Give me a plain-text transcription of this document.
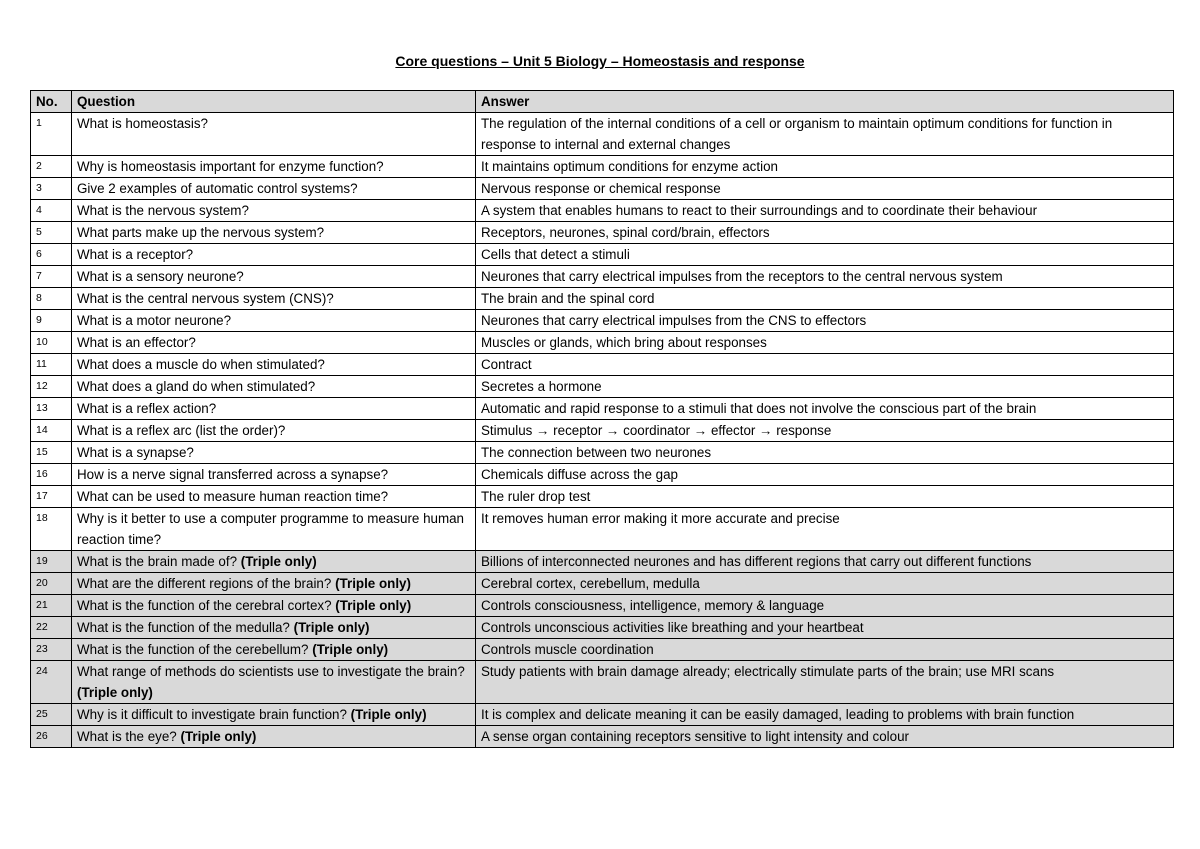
Core questions – Unit 5 Biology – Homeostasis and response
No.	Question	Answer
1	What is homeostasis?	The regulation of the internal conditions of a cell or organism to maintain optimum conditions for function in response to internal and external changes
2	Why is homeostasis important for enzyme function?	It maintains optimum conditions for enzyme action
3	Give 2 examples of automatic control systems?	Nervous response or chemical response
4	What is the nervous system?	A system that enables humans to react to their surroundings and to coordinate their behaviour
5	What parts make up the nervous system?	Receptors, neurones, spinal cord/brain, effectors
6	What is a receptor?	Cells that detect a stimuli
7	What is a sensory neurone?	Neurones that carry electrical impulses from the receptors to the central nervous system
8	What is the central nervous system (CNS)?	The brain and the spinal cord
9	What is a motor neurone?	Neurones that carry electrical impulses from the CNS to effectors
10	What is an effector?	Muscles or glands, which bring about responses
11	What does a muscle do when stimulated?	Contract
12	What does a gland do when stimulated?	Secretes a hormone
13	What is a reflex action?	Automatic and rapid response to a stimuli that does not involve the conscious part of the brain
14	What is a reflex arc (list the order)?	Stimulus → receptor → coordinator → effector → response
15	What is a synapse?	The connection between two neurones
16	How is a nerve signal transferred across a synapse?	Chemicals diffuse across the gap
17	What can be used to measure human reaction time?	The ruler drop test
18	Why is it better to use a computer programme to measure human reaction time?	It removes human error making it more accurate and precise
19	What is the brain made of? (Triple only)	Billions of interconnected neurones and has different regions that carry out different functions
20	What are the different regions of the brain? (Triple only)	Cerebral cortex, cerebellum, medulla
21	What is the function of the cerebral cortex? (Triple only)	Controls consciousness, intelligence, memory & language
22	What is the function of the medulla? (Triple only)	Controls unconscious activities like breathing and your heartbeat
23	What is the function of the cerebellum? (Triple only)	Controls muscle coordination
24	What range of methods do scientists use to investigate the brain? (Triple only)	Study patients with brain damage already; electrically stimulate parts of the brain; use MRI scans
25	Why is it difficult to investigate brain function? (Triple only)	It is complex and delicate meaning it can be easily damaged, leading to problems with brain function
26	What is the eye? (Triple only)	A sense organ containing receptors sensitive to light intensity and colour
